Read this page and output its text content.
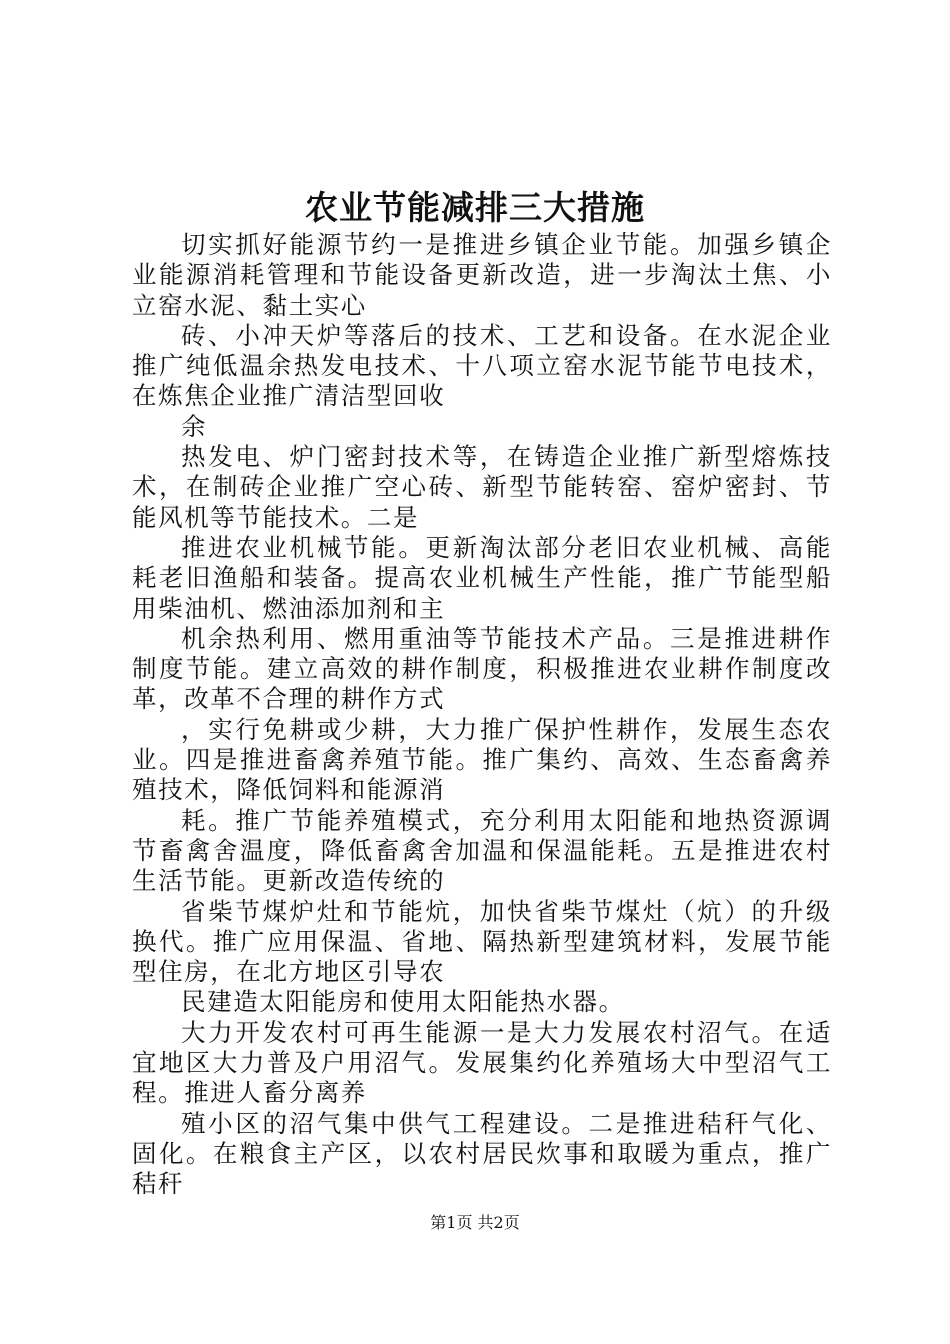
农业节能减排三大措施

切实抓好能源节约一是推进乡镇企业节能。加强乡镇企业能源消耗管理和节能设备更新改造，进一步淘汰土焦、小立窑水泥、黏土实心

砖、小冲天炉等落后的技术、工艺和设备。在水泥企业推广纯低温余热发电技术、十八项立窑水泥节能节电技术，在炼焦企业推广清洁型回收

余

热发电、炉门密封技术等，在铸造企业推广新型熔炼技术，在制砖企业推广空心砖、新型节能转窑、窑炉密封、节能风机等节能技术。二是

推进农业机械节能。更新淘汰部分老旧农业机械、高能耗老旧渔船和装备。提高农业机械生产性能，推广节能型船用柴油机、燃油添加剂和主

机余热利用、燃用重油等节能技术产品。三是推进耕作制度节能。建立高效的耕作制度，积极推进农业耕作制度改革，改革不合理的耕作方式

，实行免耕或少耕，大力推广保护性耕作，发展生态农业。四是推进畜禽养殖节能。推广集约、高效、生态畜禽养殖技术，降低饲料和能源消

耗。推广节能养殖模式，充分利用太阳能和地热资源调节畜禽舍温度，降低畜禽舍加温和保温能耗。五是推进农村生活节能。更新改造传统的

省柴节煤炉灶和节能炕，加快省柴节煤灶（炕）的升级换代。推广应用保温、省地、隔热新型建筑材料，发展节能型住房，在北方地区引导农

民建造太阳能房和使用太阳能热水器。

大力开发农村可再生能源一是大力发展农村沼气。在适宜地区大力普及户用沼气。发展集约化养殖场大中型沼气工程。推进人畜分离养

殖小区的沼气集中供气工程建设。二是推进秸秆气化、固化。在粮食主产区，以农村居民炊事和取暖为重点，推广秸秆

第1页 共2页
